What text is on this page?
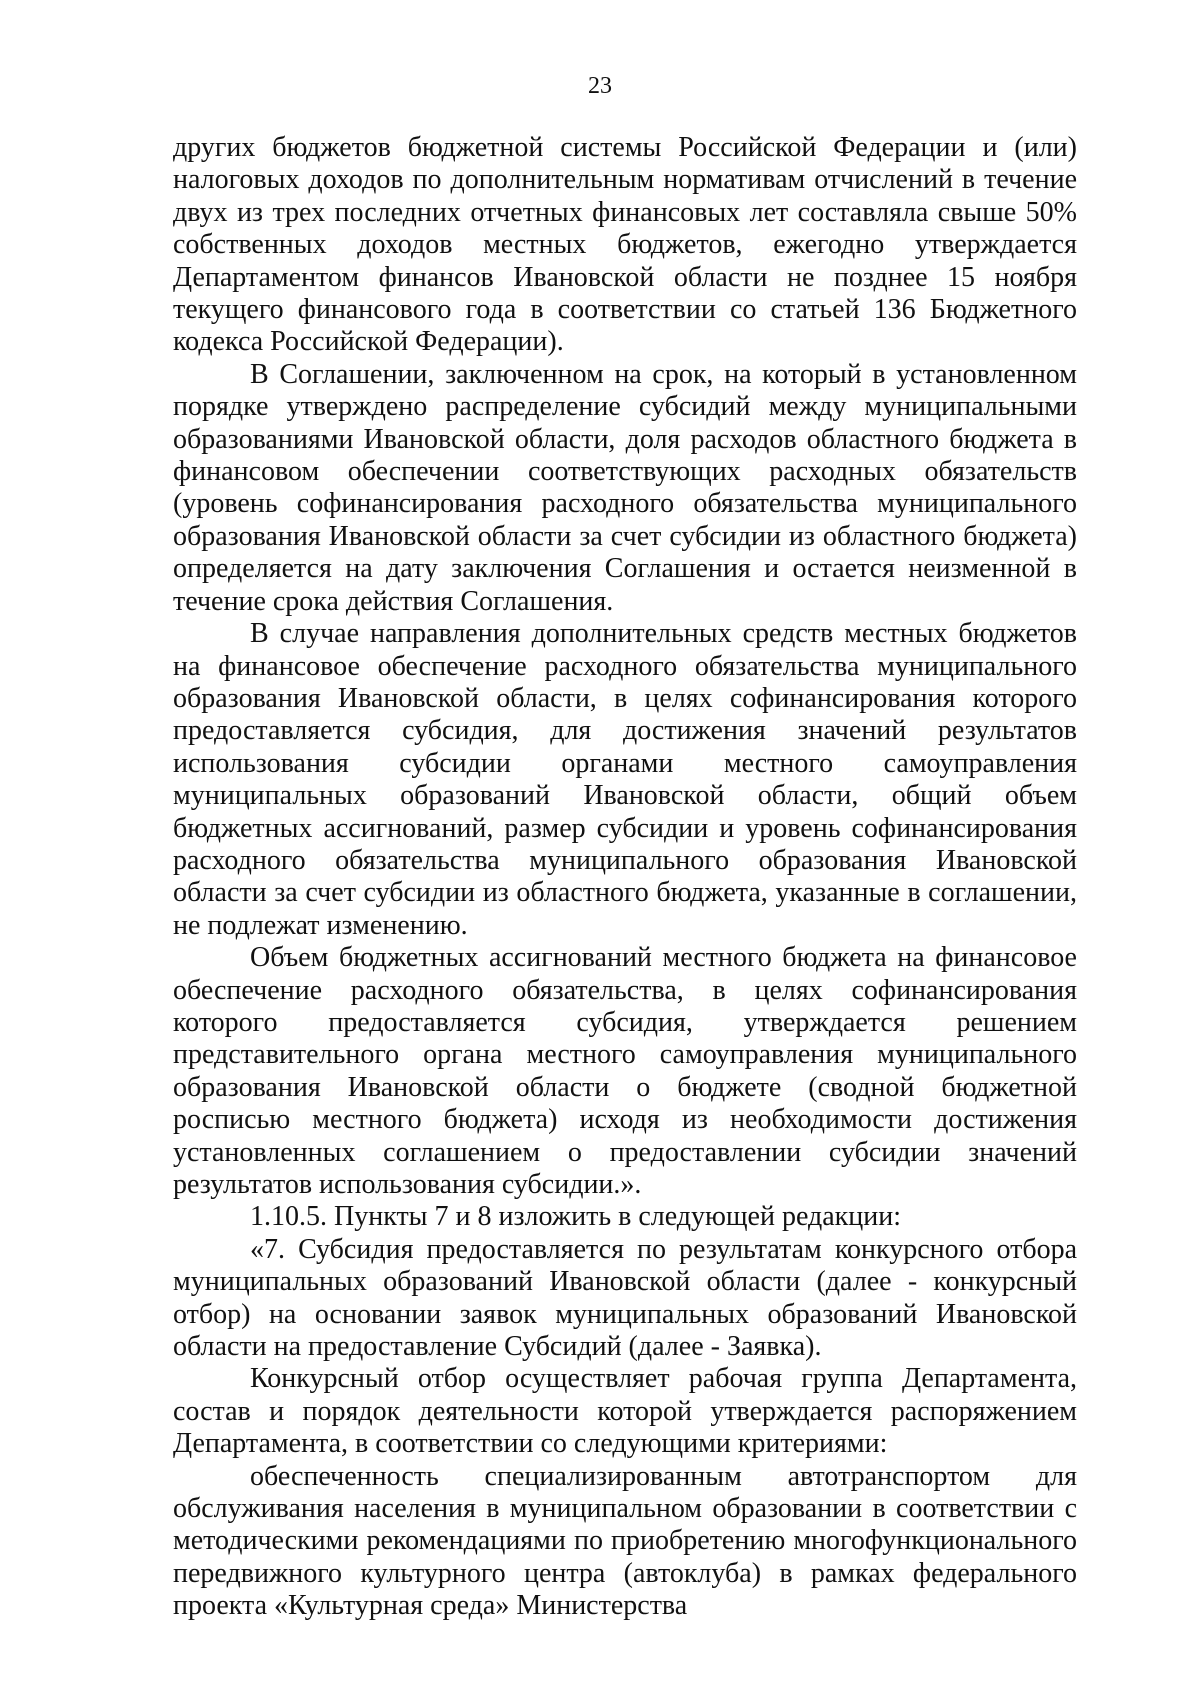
23

других бюджетов бюджетной системы Российской Федерации и (или) налоговых доходов по дополнительным нормативам отчислений в течение двух из трех последних отчетных финансовых лет составляла свыше 50% собственных доходов местных бюджетов, ежегодно утверждается Департаментом финансов Ивановской области не позднее 15 ноября текущего финансового года в соответствии со статьей 136 Бюджетного кодекса Российской Федерации).

В Соглашении, заключенном на срок, на который в установленном порядке утверждено распределение субсидий между муниципальными образованиями Ивановской области, доля расходов областного бюджета в финансовом обеспечении соответствующих расходных обязательств (уровень софинансирования расходного обязательства муниципального образования Ивановской области за счет субсидии из областного бюджета) определяется на дату заключения Соглашения и остается неизменной в течение срока действия Соглашения.

В случае направления дополнительных средств местных бюджетов на финансовое обеспечение расходного обязательства муниципального образования Ивановской области, в целях софинансирования которого предоставляется субсидия, для достижения значений результатов использования субсидии органами местного самоуправления муниципальных образований Ивановской области, общий объем бюджетных ассигнований, размер субсидии и уровень софинансирования расходного обязательства муниципального образования Ивановской области за счет субсидии из областного бюджета, указанные в соглашении, не подлежат изменению.

Объем бюджетных ассигнований местного бюджета на финансовое обеспечение расходного обязательства, в целях софинансирования которого предоставляется субсидия, утверждается решением представительного органа местного самоуправления муниципального образования Ивановской области о бюджете (сводной бюджетной росписью местного бюджета) исходя из необходимости достижения установленных соглашением о предоставлении субсидии значений результатов использования субсидии.».

1.10.5. Пункты 7 и 8 изложить в следующей редакции:

«7. Субсидия предоставляется по результатам конкурсного отбора муниципальных образований Ивановской области (далее - конкурсный отбор) на основании заявок муниципальных образований Ивановской области на предоставление Субсидий (далее - Заявка).

Конкурсный отбор осуществляет рабочая группа Департамента, состав и порядок деятельности которой утверждается распоряжением Департамента, в соответствии со следующими критериями:

обеспеченность специализированным автотранспортом для обслуживания населения в муниципальном образовании в соответствии с методическими рекомендациями по приобретению многофункционального передвижного культурного центра (автоклуба) в рамках федерального проекта «Культурная среда» Министерства
